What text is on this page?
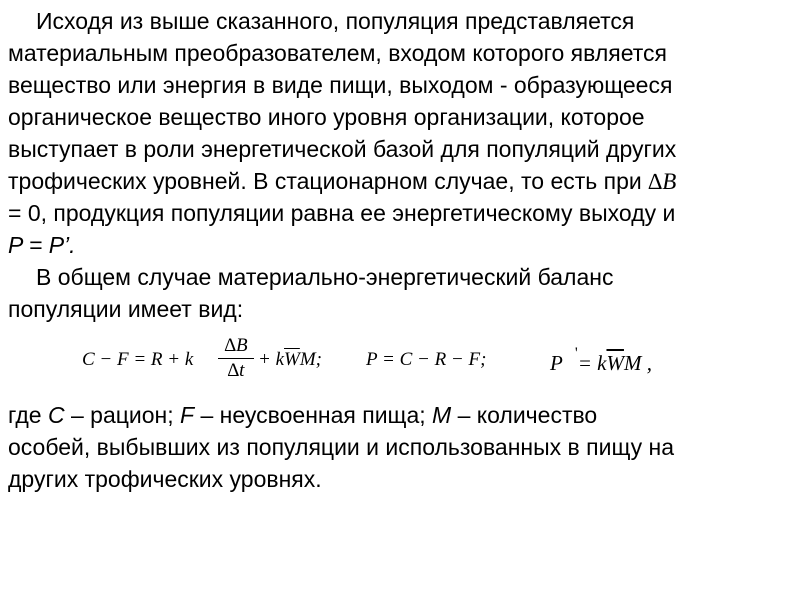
Исходя из выше сказанного, популяция представляется
материальным преобразователем, входом которого является
вещество или энергия в виде пищи, выходом - образующееся
органическое вещество иного уровня организации, которое
выступает в роли энергетической базой для популяций других
трофических уровней. В стационарном случае, то есть при ∆B
= 0, продукция популяции равна ее энергетическому выходу и
P = P’.
В общем случае материально-энергетический баланс
популяции имеет вид:
C − F = R + k
∆B
∆t
+ $k\overline{W}M$; P = C − R − F;	P $'= k\overline{W}M$ ,
где C – рацион; F – неусвоенная пища; M – количество
особей, выбывших из популяции и использованных в пищу на
других трофических уровнях.
